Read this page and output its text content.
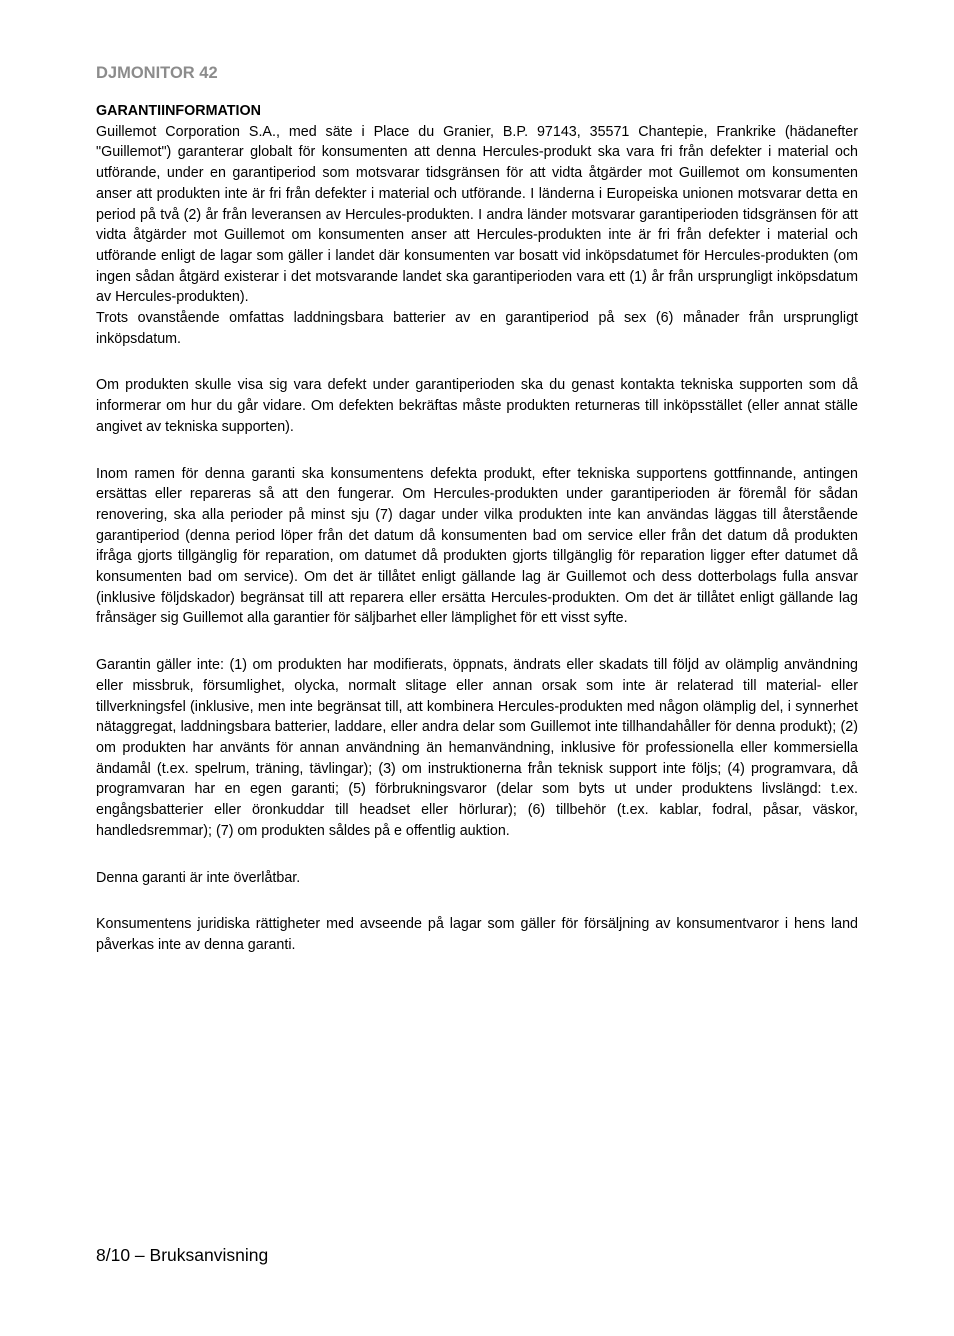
DJMONITOR 42
GARANTIINFORMATION

Guillemot Corporation S.A., med säte i Place du Granier, B.P. 97143, 35571 Chantepie, Frankrike (hädanefter "Guillemot") garanterar globalt för konsumenten att denna Hercules-produkt ska vara fri från defekter i material och utförande, under en garantiperiod som motsvarar tidsgränsen för att vidta åtgärder mot Guillemot om konsumenten anser att produkten inte är fri från defekter i material och utförande. I länderna i Europeiska unionen motsvarar detta en period på två (2) år från leveransen av Hercules-produkten. I andra länder motsvarar garantiperioden tidsgränsen för att vidta åtgärder mot Guillemot om konsumenten anser att Hercules-produkten inte är fri från defekter i material och utförande enligt de lagar som gäller i landet där konsumenten var bosatt vid inköpsdatumet för Hercules-produkten (om ingen sådan åtgärd existerar i det motsvarande landet ska garantiperioden vara ett (1) år från ursprungligt inköpsdatum av Hercules-produkten).

Trots ovanstående omfattas laddningsbara batterier av en garantiperiod på sex (6) månader från ursprungligt inköpsdatum.

Om produkten skulle visa sig vara defekt under garantiperioden ska du genast kontakta tekniska supporten som då informerar om hur du går vidare. Om defekten bekräftas måste produkten returneras till inköpsstället (eller annat ställe angivet av tekniska supporten).

Inom ramen för denna garanti ska konsumentens defekta produkt, efter tekniska supportens gottfinnande, antingen ersättas eller repareras så att den fungerar. Om Hercules-produkten under garantiperioden är föremål för sådan renovering, ska alla perioder på minst sju (7) dagar under vilka produkten inte kan användas läggas till återstående garantiperiod (denna period löper från det datum då konsumenten bad om service eller från det datum då produkten ifråga gjorts tillgänglig för reparation, om datumet då produkten gjorts tillgänglig för reparation ligger efter datumet då konsumenten bad om service). Om det är tillåtet enligt gällande lag är Guillemot och dess dotterbolags fulla ansvar (inklusive följdskador) begränsat till att reparera eller ersätta Hercules-produkten. Om det är tillåtet enligt gällande lag frånsäger sig Guillemot alla garantier för säljbarhet eller lämplighet för ett visst syfte.

Garantin gäller inte: (1) om produkten har modifierats, öppnats, ändrats eller skadats till följd av olämplig användning eller missbruk, försumlighet, olycka, normalt slitage eller annan orsak som inte är relaterad till material- eller tillverkningsfel (inklusive, men inte begränsat till, att kombinera Hercules-produkten med någon olämplig del, i synnerhet nätaggregat, laddningsbara batterier, laddare, eller andra delar som Guillemot inte tillhandahåller för denna produkt); (2) om produkten har använts för annan användning än hemanvändning, inklusive för professionella eller kommersiella ändamål (t.ex. spelrum, träning, tävlingar); (3) om instruktionerna från teknisk support inte följs; (4) programvara, då programvaran har en egen garanti; (5) förbrukningsvaror (delar som byts ut under produktens livslängd: t.ex. engångsbatterier eller öronkuddar till headset eller hörlurar); (6) tillbehör (t.ex. kablar, fodral, påsar, väskor, handledsremmar); (7) om produkten såldes på e offentlig auktion.

Denna garanti är inte överlåtbar.

Konsumentens juridiska rättigheter med avseende på lagar som gäller för försäljning av konsumentvaror i hens land påverkas inte av denna garanti.

8/10 – Bruksanvisning
